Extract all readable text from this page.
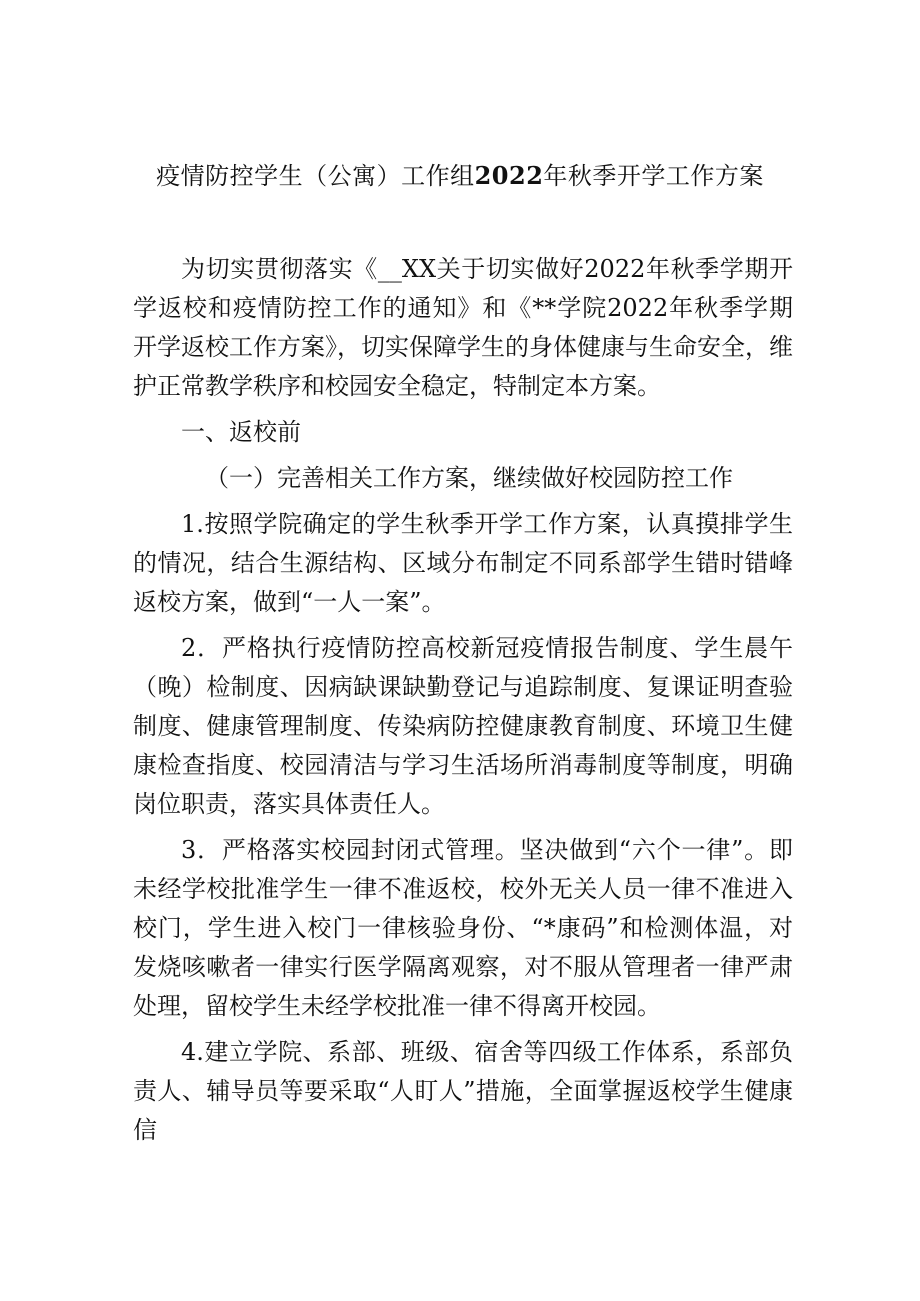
疫情防控学生（公寓）工作组2022年秋季开学工作方案

为切实贯彻落实《__XX关于切实做好2022年秋季学期开学返校和疫情防控工作的通知》和《**学院2022年秋季学期开学返校工作方案》，切实保障学生的身体健康与生命安全，维护正常教学秩序和校园安全稳定，特制定本方案。

一、返校前

（一）完善相关工作方案，继续做好校园防控工作

1.按照学院确定的学生秋季开学工作方案，认真摸排学生的情况，结合生源结构、区域分布制定不同系部学生错时错峰返校方案，做到“一人一案”。

2．严格执行疫情防控高校新冠疫情报告制度、学生晨午（晚）检制度、因病缺课缺勤登记与追踪制度、复课证明查验制度、健康管理制度、传染病防控健康教育制度、环境卫生健康检查指度、校园清洁与学习生活场所消毒制度等制度，明确岗位职责，落实具体责任人。

3．严格落实校园封闭式管理。坚决做到“六个一律”。即未经学校批准学生一律不准返校，校外无关人员一律不准进入校门，学生进入校门一律核验身份、“*康码”和检测体温，对发烧咳嗽者一律实行医学隔离观察，对不服从管理者一律严肃处理，留校学生未经学校批准一律不得离开校园。

4.建立学院、系部、班级、宿舍等四级工作体系，系部负责人、辅导员等要采取“人盯人”措施，全面掌握返校学生健康信
